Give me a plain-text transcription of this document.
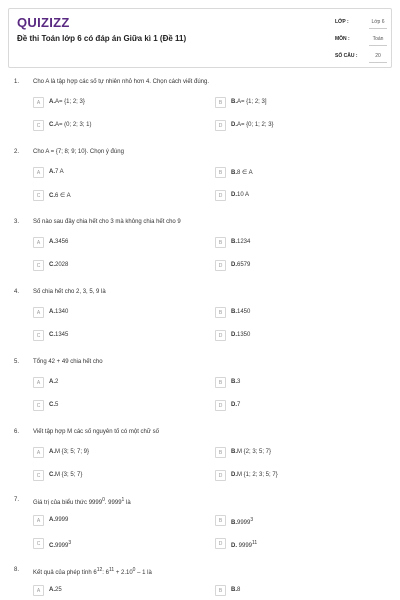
QUIZIZZ
Đề thi Toán lớp 6 có đáp án Giữa kì 1 (Đề 11)
LỚP :	Lớp 6
MÔN :	Toán
SỐ CÂU :	20
1. Cho A là tập hợp các số tự nhiên nhỏ hơn 4. Chọn cách viết đúng.
A	A.A= {1; 2; 3}	B	B.A= {1; 2; 3]
C	C.A= (0; 2; 3; 1)	D	D.A= {0; 1; 2; 3}
2. Cho A = {7; 8; 9; 10}. Chọn ý đúng
A	A.7 A	B	B.8 ∈ A
C	C.6 ∈ A	D	D.10 A
3. Số nào sau đây chia hết cho 3 mà không chia hết cho 9
A	A.3456	B	B.1234
C	C.2028	D	D.6579
4. Số chia hết cho 2, 3, 5, 9 là
A	A.1340	B	B.1450
C	C.1345	D	D.1350
5. Tổng 42 + 49 chia hết cho
A	A.2	B	B.3
C	C.5	D	D.7
6. Viết tập hợp M các số nguyên tố có một chữ số
A	A.M {3; 5; 7; 9}	B	B.M {2; 3; 5; 7}
C	C.M {3; 5; 7}	D	D.M {1; 2; 3; 5; 7}
7. Giá trị của biểu thức 9999$^0$. 9999$^1$ là
A	A.9999	B	B.9999$^3$
C	C.9999$^3$	D	D. 9999$^{11}$
8. Kết quả của phép tính $6^{12}$: $6^{11} + 2.10^0 - 1$ là
A	A.25	B	B.8
